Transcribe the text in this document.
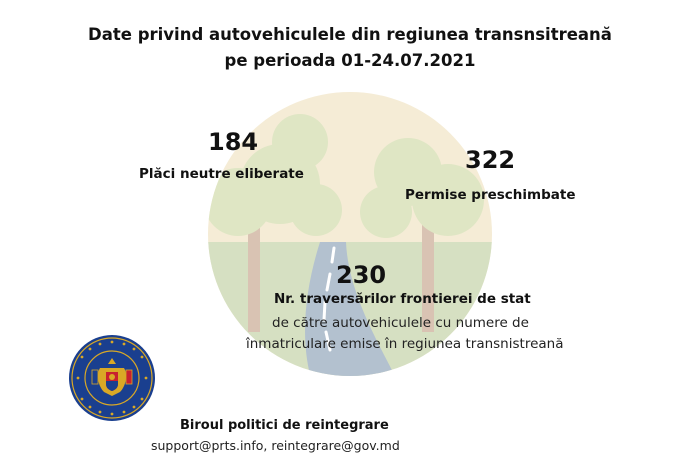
Date privind autovehiculele din regiunea transnsitreană
pe perioada 01-24.07.2021
184
Plăci neutre eliberate	322
Permise preschimbate
230
Nr. traversărilor frontierei de stat
de către autovehiculele cu numere de
înmatriculare emise în regiunea transnistreană
Biroul politici de reintegrare
support@prts.info, reintegrare@gov.md
